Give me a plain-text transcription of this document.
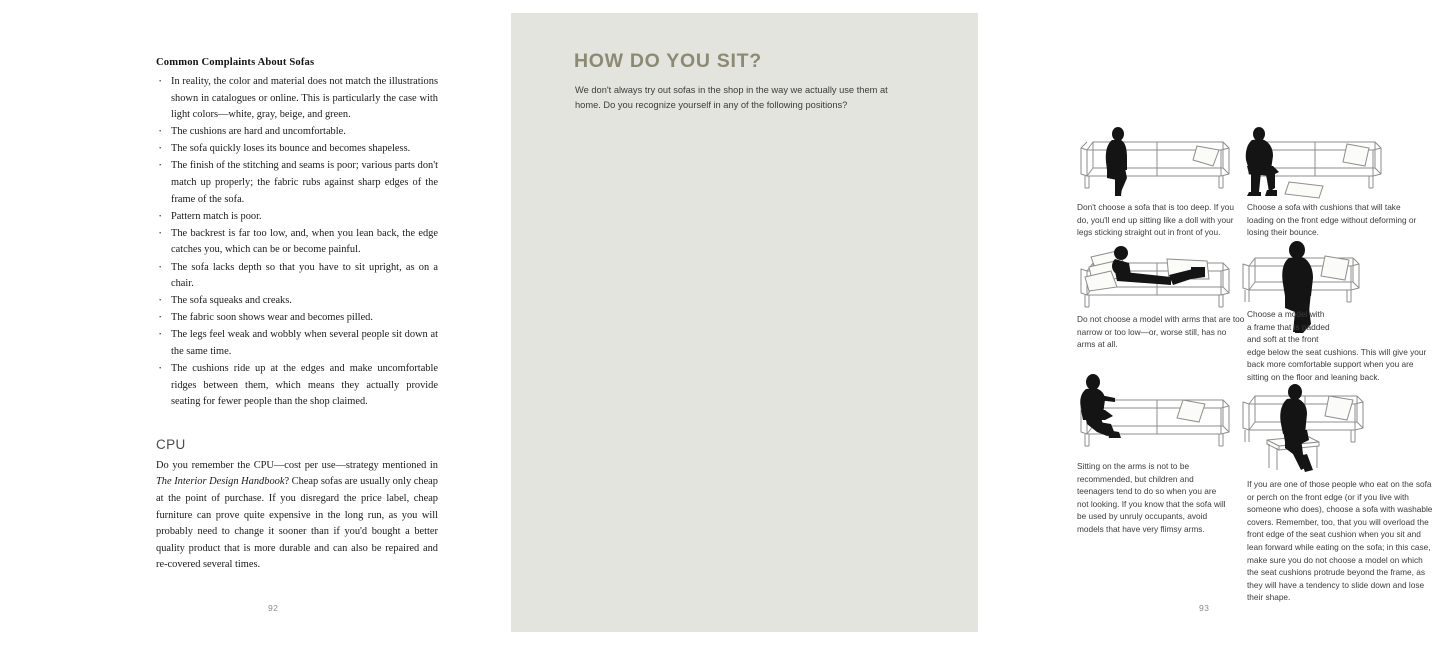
Common Complaints About Sofas
· In reality, the color and material does not match the illustrations shown in catalogues or online. This is particularly the case with light colors—white, gray, beige, and green.
· The cushions are hard and uncomfortable.
· The sofa quickly loses its bounce and becomes shapeless.
· The finish of the stitching and seams is poor; various parts don't match up properly; the fabric rubs against sharp edges of the frame of the sofa.
· Pattern match is poor.
· The backrest is far too low, and, when you lean back, the edge catches you, which can be or become painful.
· The sofa lacks depth so that you have to sit upright, as on a chair.
· The sofa squeaks and creaks.
· The fabric soon shows wear and becomes pilled.
· The legs feel weak and wobbly when several people sit down at the same time.
· The cushions ride up at the edges and make uncomfortable ridges between them, which means they actually provide seating for fewer people than the shop claimed.
CPU

Do you remember the CPU—cost per use—strategy mentioned in The Interior Design Handbook? Cheap sofas are usually only cheap at the point of purchase. If you disregard the price label, cheap furniture can prove quite expensive in the long run, as you will probably need to change it sooner than if you'd bought a better quality product that is more durable and can also be repaired and re-covered several times.

92
HOW DO YOU SIT?

We don't always try out sofas in the shop in the way we actually use them at home. Do you recognize yourself in any of the following positions?

Don't choose a sofa that is too deep. If you do, you'll end up sitting like a doll with your legs sticking straight out in front of you.

Choose a sofa with cushions that will take loading on the front edge without deforming or losing their bounce.

Do not choose a model with arms that are too narrow or too low—or, worse still, has no arms at all.

Choose a model with
a frame that is padded
and soft at the front
edge below the seat cushions. This will give your back more comfortable support when you are sitting on the floor and leaning back.

Sitting on the arms is not to be recommended, but children and teenagers tend to do so when you are not looking. If you know that the sofa will be used by unruly occupants, avoid models that have very flimsy arms.

If you are one of those people who eat on the sofa or perch on the front edge (or if you live with someone who does), choose a sofa with washable covers. Remember, too, that you will overload the front edge of the seat cushion when you sit and lean forward while eating on the sofa; in this case, make sure you do not choose a model on which the seat cushions protrude beyond the frame, as they will have a tendency to slide down and lose their shape.

93
